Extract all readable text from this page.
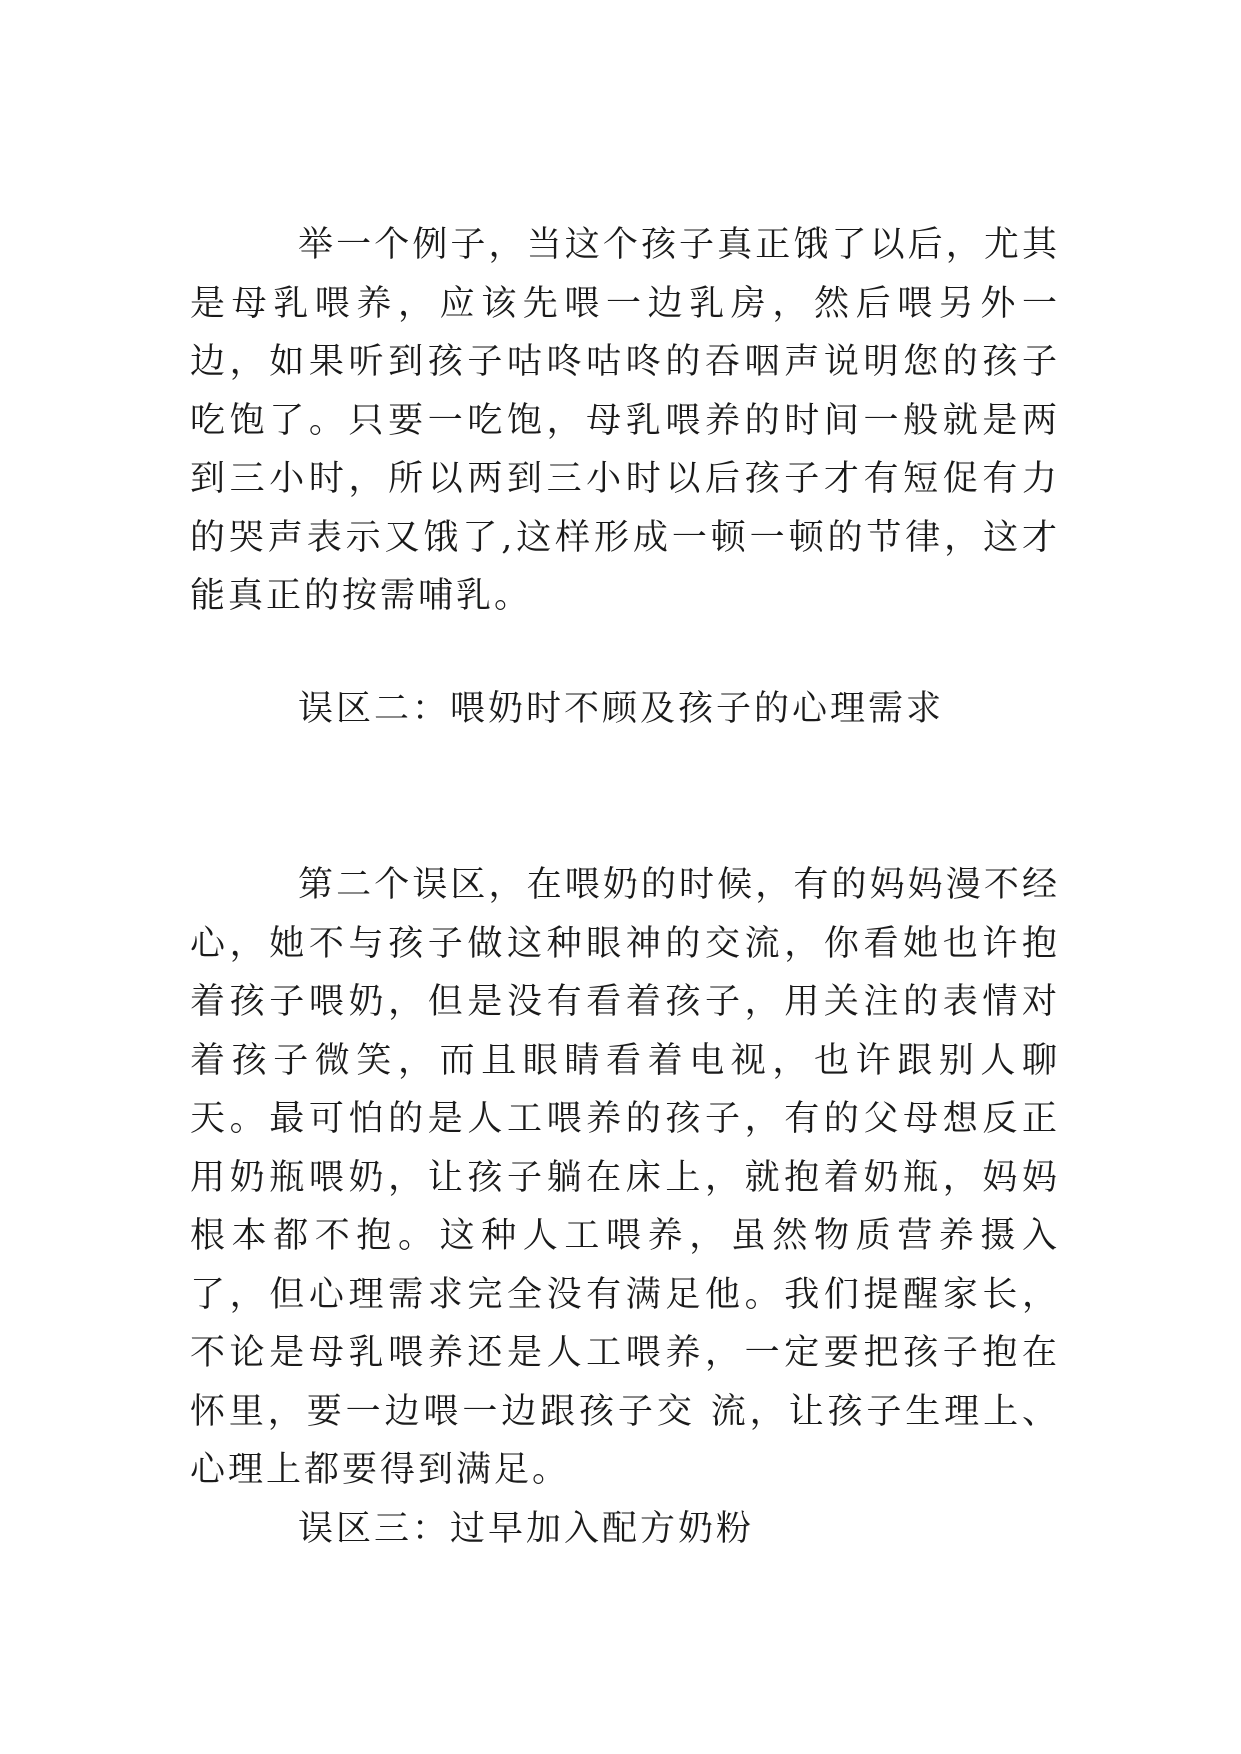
举一个例子，当这个孩子真正饿了以后，尤其是母乳喂养，应该先喂一边乳房，然后喂另外一边，如果听到孩子咕咚咕咚的吞咽声说明您的孩子吃饱了。只要一吃饱，母乳喂养的时间一般就是两到三小时，所以两到三小时以后孩子才有短促有力的哭声表示又饿了,这样形成一顿一顿的节律，这才能真正的按需哺乳。

误区二：喂奶时不顾及孩子的心理需求

第二个误区，在喂奶的时候，有的妈妈漫不经心，她不与孩子做这种眼神的交流，你看她也许抱着孩子喂奶，但是没有看着孩子，用关注的表情对着孩子微笑，而且眼睛看着电视，也许跟别人聊天。最可怕的是人工喂养的孩子，有的父母想反正用奶瓶喂奶，让孩子躺在床上，就抱着奶瓶，妈妈根本都不抱。这种人工喂养，虽然物质营养摄入了，但心理需求完全没有满足他。我们提醒家长，不论是母乳喂养还是人工喂养，一定要把孩子抱在怀里，要一边喂一边跟孩子交 流，让孩子生理上、心理上都要得到满足。

误区三：过早加入配方奶粉
